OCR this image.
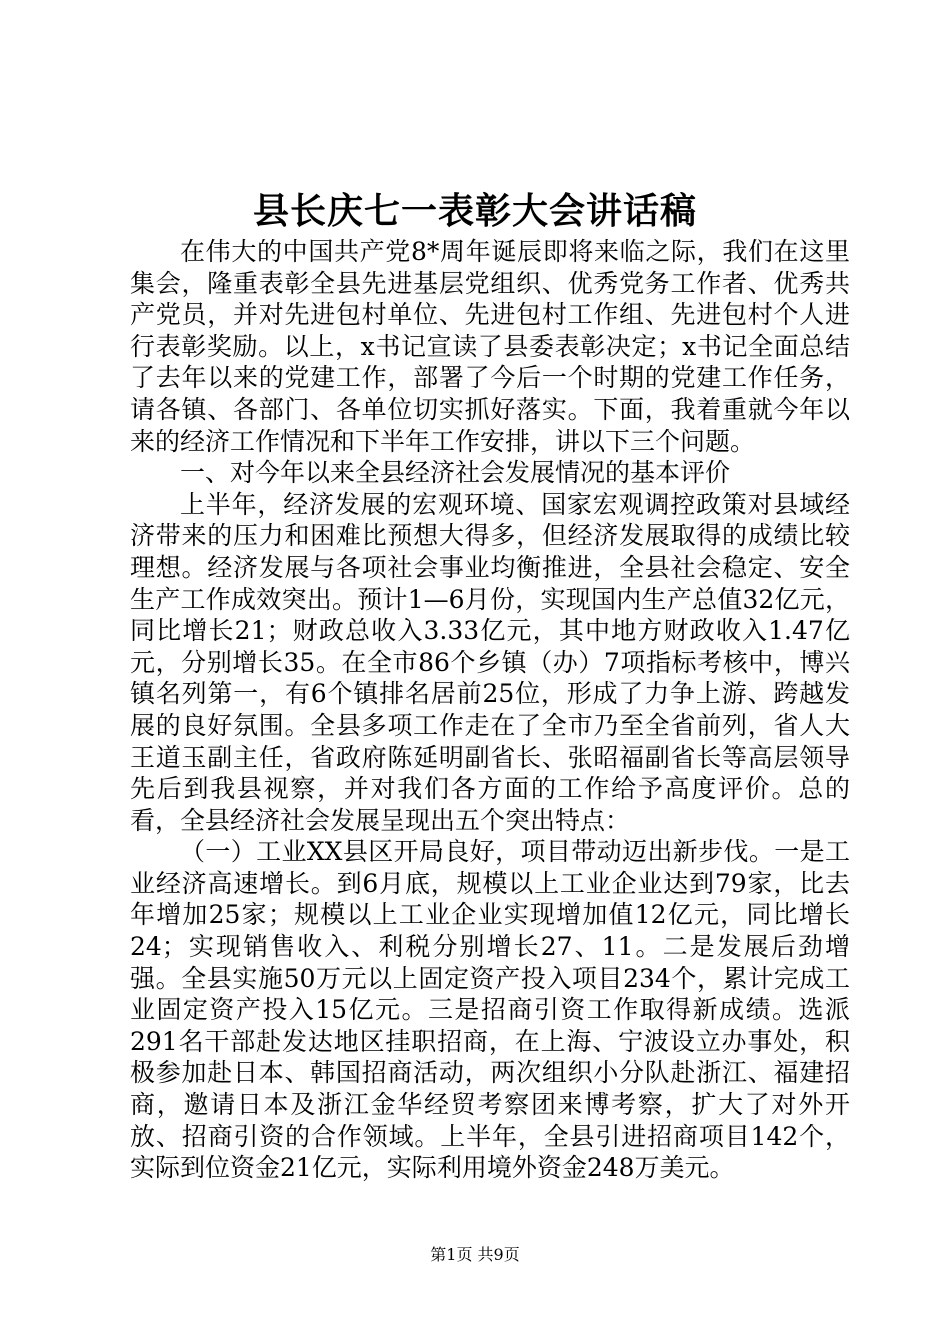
县长庆七一表彰大会讲话稿

在伟大的中国共产党8*周年诞辰即将来临之际，我们在这里集会，隆重表彰全县先进基层党组织、优秀党务工作者、优秀共产党员，并对先进包村单位、先进包村工作组、先进包村个人进行表彰奖励。以上，x书记宣读了县委表彰决定；x书记全面总结了去年以来的党建工作，部署了今后一个时期的党建工作任务，请各镇、各部门、各单位切实抓好落实。下面，我着重就今年以来的经济工作情况和下半年工作安排，讲以下三个问题。

一、对今年以来全县经济社会发展情况的基本评价

上半年，经济发展的宏观环境、国家宏观调控政策对县域经济带来的压力和困难比预想大得多，但经济发展取得的成绩比较理想。经济发展与各项社会事业均衡推进，全县社会稳定、安全生产工作成效突出。预计1—6月份，实现国内生产总值32亿元，同比增长21；财政总收入3.33亿元，其中地方财政收入1.47亿元，分别增长35。在全市86个乡镇（办）7项指标考核中，博兴镇名列第一，有6个镇排名居前25位，形成了力争上游、跨越发展的良好氛围。全县多项工作走在了全市乃至全省前列，省人大王道玉副主任，省政府陈延明副省长、张昭福副省长等高层领导先后到我县视察，并对我们各方面的工作给予高度评价。总的看，全县经济社会发展呈现出五个突出特点：

（一）工业XX县区开局良好，项目带动迈出新步伐。一是工业经济高速增长。到6月底，规模以上工业企业达到79家，比去年增加25家；规模以上工业企业实现增加值12亿元，同比增长24；实现销售收入、利税分别增长27、11。二是发展后劲增强。全县实施50万元以上固定资产投入项目234个，累计完成工业固定资产投入15亿元。三是招商引资工作取得新成绩。选派291名干部赴发达地区挂职招商，在上海、宁波设立办事处，积极参加赴日本、韩国招商活动，两次组织小分队赴浙江、福建招商，邀请日本及浙江金华经贸考察团来博考察，扩大了对外开放、招商引资的合作领域。上半年，全县引进招商项目142个，实际到位资金21亿元，实际利用境外资金248万美元。

第1页 共9页
